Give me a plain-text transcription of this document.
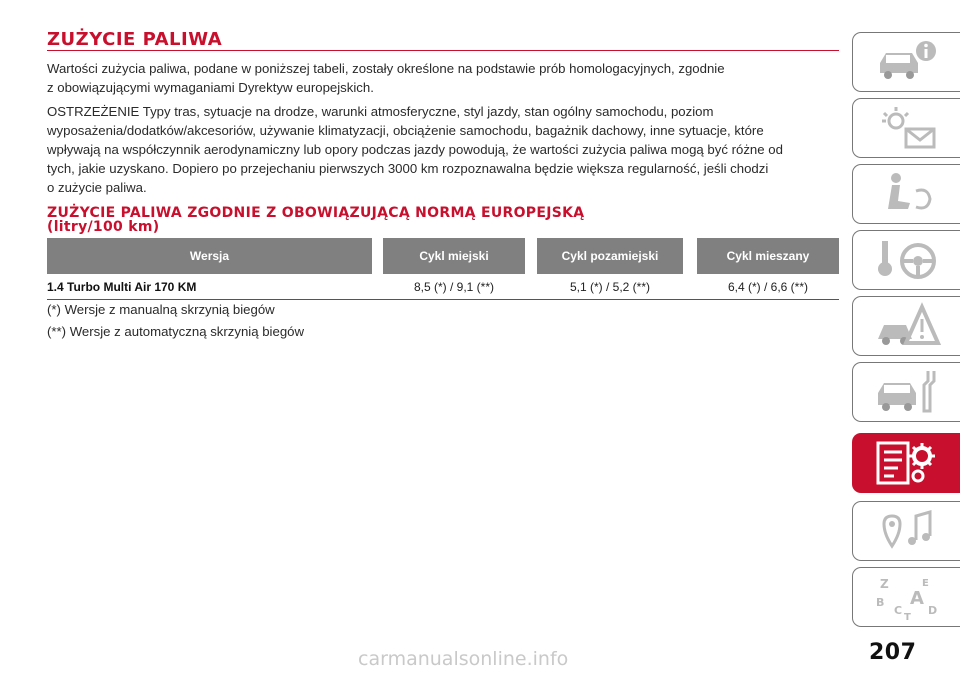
ZUŻYCIE PALIWA

Wartości zużycia paliwa, podane w poniższej tabeli, zostały określone na podstawie prób homologacyjnych, zgodnie
z obowiązującymi wymaganiami Dyrektyw europejskich.

OSTRZEŻENIE Typy tras, sytuacje na drodze, warunki atmosferyczne, styl jazdy, stan ogólny samochodu, poziom
wyposażenia/dodatków/akcesoriów, używanie klimatyzacji, obciążenie samochodu, bagażnik dachowy, inne sytuacje, które
wpływają na współczynnik aerodynamiczny lub opory podczas jazdy powodują, że wartości zużycia paliwa mogą być różne od
tych, jakie uzyskano. Dopiero po przejechaniu pierwszych 3000 km rozpoznawalna będzie większa regularność, jeśli chodzi
o zużycie paliwa.

ZUŻYCIE PALIWA ZGODNIE Z OBOWIĄZUJĄCĄ NORMĄ EUROPEJSKĄ
(litry/100 km)
Wersja	Cykl miejski	Cykl pozamiejski	Cykl mieszany
1.4 Turbo Multi Air 170 KM	8,5 (*) / 9,1 (**)	5,1 (*) / 5,2 (**)	6,4 (*) / 6,6 (**)

(*) Wersje z manualną skrzynią biegów

(**) Wersje z automatyczną skrzynią biegów

Z	E
B A
C D
T
207
carmanualsonline.info
